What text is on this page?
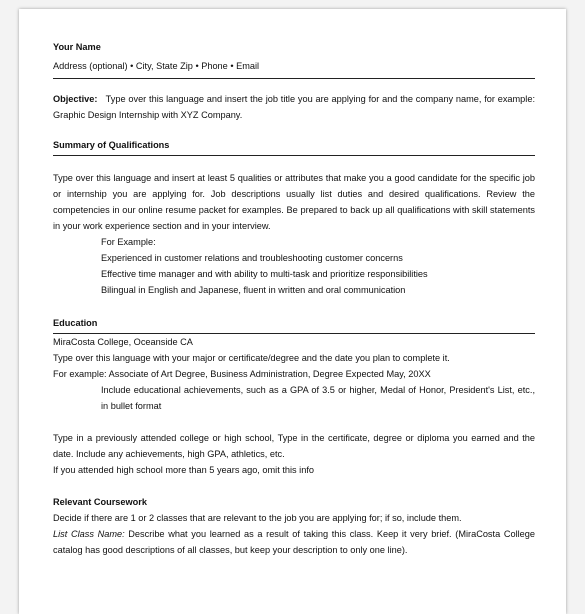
Your Name
Address (optional) • City, State Zip • Phone • Email
Objective: Type over this language and insert the job title you are applying for and the company name, for example: Graphic Design Internship with XYZ Company.
Summary of Qualifications
Type over this language and insert at least 5 qualities or attributes that make you a good candidate for the specific job or internship you are applying for. Job descriptions usually list duties and desired qualifications. Review the competencies in our online resume packet for examples. Be prepared to back up all qualifications with skill statements in your work experience section and in your interview.
For Example:
Experienced in customer relations and troubleshooting customer concerns
Effective time manager and with ability to multi-task and prioritize responsibilities
Bilingual in English and Japanese, fluent in written and oral communication
Education
MiraCosta College, Oceanside CA
Type over this language with your major or certificate/degree and the date you plan to complete it.
For example: Associate of Art Degree, Business Administration, Degree Expected May, 20XX
Include educational achievements, such as a GPA of 3.5 or higher, Medal of Honor, President's List, etc., in bullet format
Type in a previously attended college or high school, Type in the certificate, degree or diploma you earned and the date. Include any achievements, high GPA, athletics, etc.
If you attended high school more than 5 years ago, omit this info
Relevant Coursework
Decide if there are 1 or 2 classes that are relevant to the job you are applying for; if so, include them.
List Class Name: Describe what you learned as a result of taking this class. Keep it very brief. (MiraCosta College catalog has good descriptions of all classes, but keep your description to only one line).
